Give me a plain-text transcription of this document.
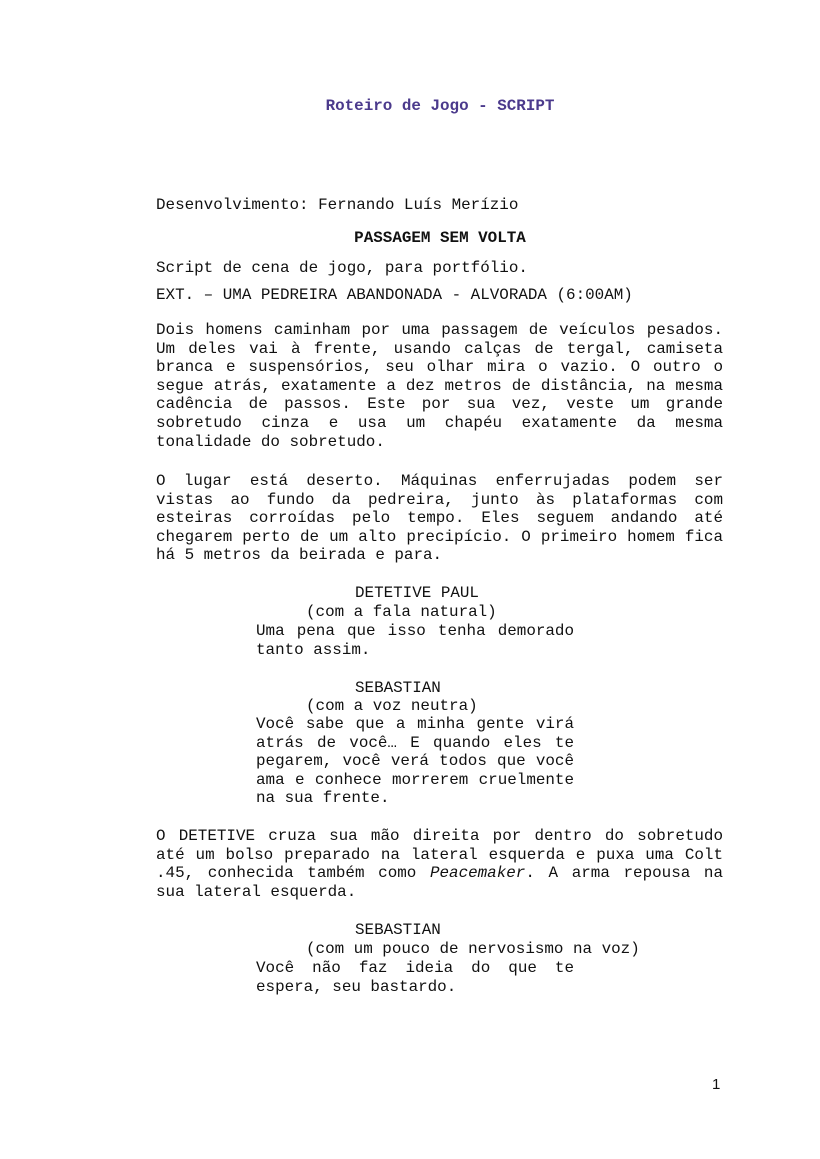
Roteiro de Jogo - SCRIPT

Desenvolvimento: Fernando Luís Merízio

Script de cena de jogo, para portfólio.

PASSAGEM SEM VOLTA
EXT. – UMA PEDREIRA ABANDONADA - ALVORADA (6:00AM)
Dois homens caminham por uma passagem de veículos pesados. Um deles vai à frente, usando calças de tergal, camiseta branca e suspensórios, seu olhar mira o vazio. O outro o segue atrás, exatamente a dez metros de distância, na mesma cadência de passos. Este por sua vez, veste um grande sobretudo cinza e usa um chapéu exatamente da mesma tonalidade do sobretudo.
O lugar está deserto. Máquinas enferrujadas podem ser vistas ao fundo da pedreira, junto às plataformas com esteiras corroídas pelo tempo. Eles seguem andando até chegarem perto de um alto precipício. O primeiro homem fica há 5 metros da beirada e para.
DETETIVE PAUL
(com a fala natural)
Uma pena que isso tenha demorado tanto assim.
SEBASTIAN
(com a voz neutra)
Você sabe que a minha gente virá atrás de você… E quando eles te pegarem, você verá todos que você ama e conhece morrerem cruelmente na sua frente.
O DETETIVE cruza sua mão direita por dentro do sobretudo até um bolso preparado na lateral esquerda e puxa uma Colt .45, conhecida também como Peacemaker. A arma repousa na sua lateral esquerda.
SEBASTIAN
(com um pouco de nervosismo na voz)
Você não faz ideia do que te espera, seu bastardo.
1
